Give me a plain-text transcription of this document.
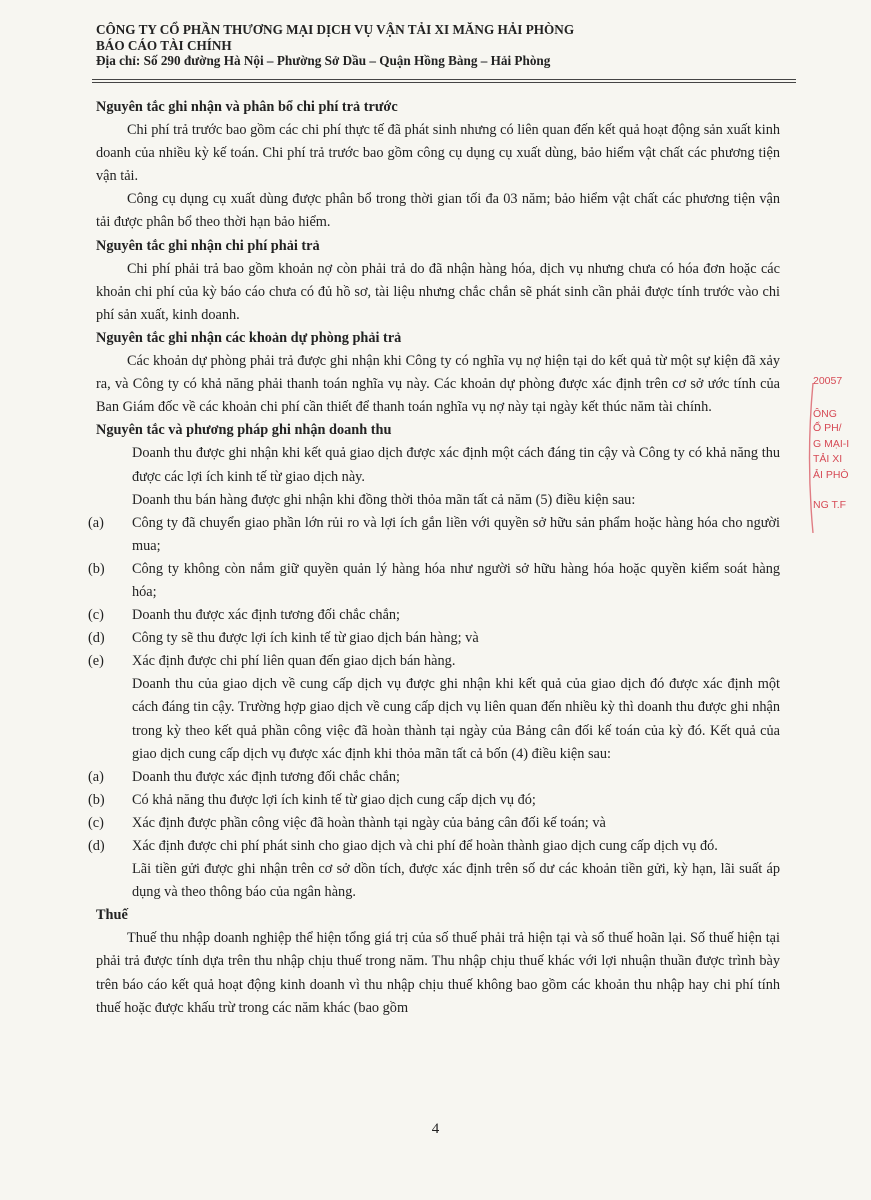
CÔNG TY CỔ PHẦN THƯƠNG MẠI DỊCH VỤ VẬN TẢI XI MĂNG HẢI PHÒNG
BÁO CÁO TÀI CHÍNH
Địa chỉ: Số 290 đường Hà Nội – Phường Sở Dầu – Quận Hồng Bàng – Hải Phòng

Nguyên tắc ghi nhận và phân bổ chi phí trả trước

Chi phí trả trước bao gồm các chi phí thực tế đã phát sinh nhưng có liên quan đến kết quả hoạt động sản xuất kinh doanh của nhiều kỳ kế toán. Chi phí trả trước bao gồm công cụ dụng cụ xuất dùng, bảo hiểm vật chất các phương tiện vận tải.

Công cụ dụng cụ xuất dùng được phân bổ trong thời gian tối đa 03 năm; bảo hiểm vật chất các phương tiện vận tải được phân bổ theo thời hạn bảo hiểm.

Nguyên tắc ghi nhận chi phí phải trả

Chi phí phải trả bao gồm khoản nợ còn phải trả do đã nhận hàng hóa, dịch vụ nhưng chưa có hóa đơn hoặc các khoản chi phí của kỳ báo cáo chưa có đủ hồ sơ, tài liệu nhưng chắc chắn sẽ phát sinh cần phải được tính trước vào chi phí sản xuất, kinh doanh.

Nguyên tắc ghi nhận các khoản dự phòng phải trả

Các khoản dự phòng phải trả được ghi nhận khi Công ty có nghĩa vụ nợ hiện tại do kết quả từ một sự kiện đã xảy ra, và Công ty có khả năng phải thanh toán nghĩa vụ này. Các khoản dự phòng được xác định trên cơ sở ước tính của Ban Giám đốc về các khoản chi phí cần thiết để thanh toán nghĩa vụ nợ này tại ngày kết thúc năm tài chính.

Nguyên tắc và phương pháp ghi nhận doanh thu

Doanh thu được ghi nhận khi kết quả giao dịch được xác định một cách đáng tin cậy và Công ty có khả năng thu được các lợi ích kinh tế từ giao dịch này.

Doanh thu bán hàng được ghi nhận khi đồng thời thỏa mãn tất cả năm (5) điều kiện sau:

(a)	Công ty đã chuyển giao phần lớn rủi ro và lợi ích gắn liền với quyền sở hữu sản phẩm hoặc hàng hóa cho người mua;
(b)	Công ty không còn nắm giữ quyền quản lý hàng hóa như người sở hữu hàng hóa hoặc quyền kiểm soát hàng hóa;
(c)	Doanh thu được xác định tương đối chắc chắn;
(d)	Công ty sẽ thu được lợi ích kinh tế từ giao dịch bán hàng; và
(e)	Xác định được chi phí liên quan đến giao dịch bán hàng.

Doanh thu của giao dịch về cung cấp dịch vụ được ghi nhận khi kết quả của giao dịch đó được xác định một cách đáng tin cậy. Trường hợp giao dịch về cung cấp dịch vụ liên quan đến nhiều kỳ thì doanh thu được ghi nhận trong kỳ theo kết quả phần công việc đã hoàn thành tại ngày của Bảng cân đối kế toán của kỳ đó. Kết quả của giao dịch cung cấp dịch vụ được xác định khi thỏa mãn tất cả bốn (4) điều kiện sau:

(a)	Doanh thu được xác định tương đối chắc chắn;
(b)	Có khả năng thu được lợi ích kinh tế từ giao dịch cung cấp dịch vụ đó;
(c)	Xác định được phần công việc đã hoàn thành tại ngày của bảng cân đối kế toán; và
(d)	Xác định được chi phí phát sinh cho giao dịch và chi phí để hoàn thành giao dịch cung cấp dịch vụ đó.

Lãi tiền gửi được ghi nhận trên cơ sở dồn tích, được xác định trên số dư các khoản tiền gửi, kỳ hạn, lãi suất áp dụng và theo thông báo của ngân hàng.

Thuế

Thuế thu nhập doanh nghiệp thể hiện tổng giá trị của số thuế phải trả hiện tại và số thuế hoãn lại. Số thuế hiện tại phải trả được tính dựa trên thu nhập chịu thuế trong năm. Thu nhập chịu thuế khác với lợi nhuận thuần được trình bày trên báo cáo kết quả hoạt động kinh doanh vì thu nhập chịu thuế không bao gồm các khoản thu nhập hay chi phí tính thuế hoặc được khấu trừ trong các năm khác (bao gồm

4
20057
ÔNG
Ổ PH/
G MẠI-I
TẢI XI
ẢI PHÒ
NG T.F
